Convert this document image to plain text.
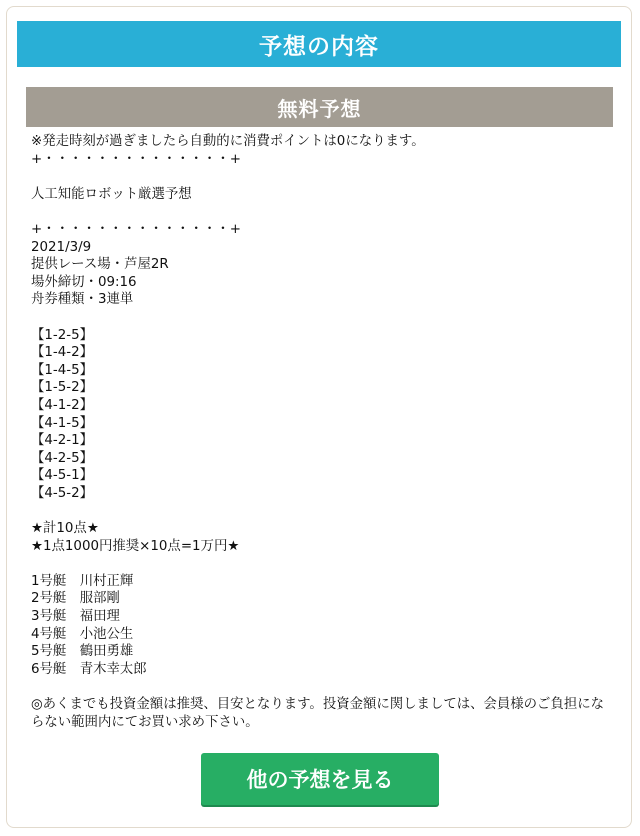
予想の内容
無料予想
※発走時刻が過ぎましたら自動的に消費ポイントは0になります。
+・・・・・・・・・・・・・・+
人工知能ロボット厳選予想
+・・・・・・・・・・・・・・+
2021/3/9
提供レース場・芦屋2R
場外締切・09:16
舟券種類・3連単
【1-2-5】
【1-4-2】
【1-4-5】
【1-5-2】
【4-1-2】
【4-1-5】
【4-2-1】
【4-2-5】
【4-5-1】
【4-5-2】
★計10点★
★1点1000円推奨×10点=1万円★
1号艇　川村正輝
2号艇　服部剛
3号艇　福田理
4号艇　小池公生
5号艇　鶴田勇雄
6号艇　青木幸太郎
◎あくまでも投資金額は推奨、目安となります。投資金額に関しましては、会員様のご負担にならない範囲内にてお買い求め下さい。
他の予想を見る
